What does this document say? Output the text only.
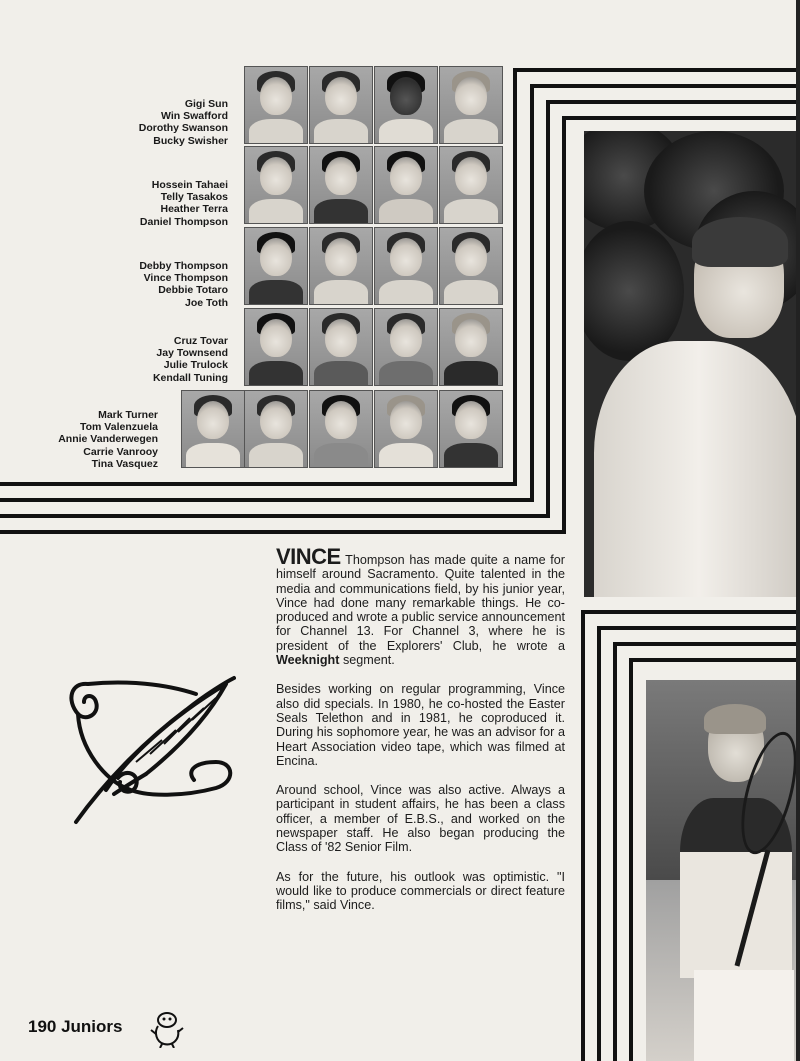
Gigi Sun
Win Swafford
Dorothy Swanson
Bucky Swisher
Hossein Tahaei
Telly Tasakos
Heather Terra
Daniel Thompson
Debby Thompson
Vince Thompson
Debbie Totaro
Joe Toth
Cruz Tovar
Jay Townsend
Julie Trulock
Kendall Tuning
Mark Turner
Tom Valenzuela
Annie Vanderwegen
Carrie Vanrooy
Tina Vasquez

VINCE Thompson has made quite a name for himself around Sacramento. Quite talented in the media and communications field, by his junior year, Vince had done many remarkable things. He co-produced and wrote a public service announcement for Channel 13. For Channel 3, where he is president of the Explorers' Club, he wrote a Weeknight segment.

Besides working on regular programming, Vince also did specials. In 1980, he co-hosted the Easter Seals Telethon and in 1981, he coproduced it. During his sophomore year, he was an advisor for a Heart Association video tape, which was filmed at Encina.

Around school, Vince was also active. Always a participant in student affairs, he has been a class officer, a member of E.B.S., and worked on the newspaper staff. He also began producing the Class of '82 Senior Film.

As for the future, his outlook was optimistic. "I would like to produce commercials or direct feature films," said Vince.

190 Juniors
